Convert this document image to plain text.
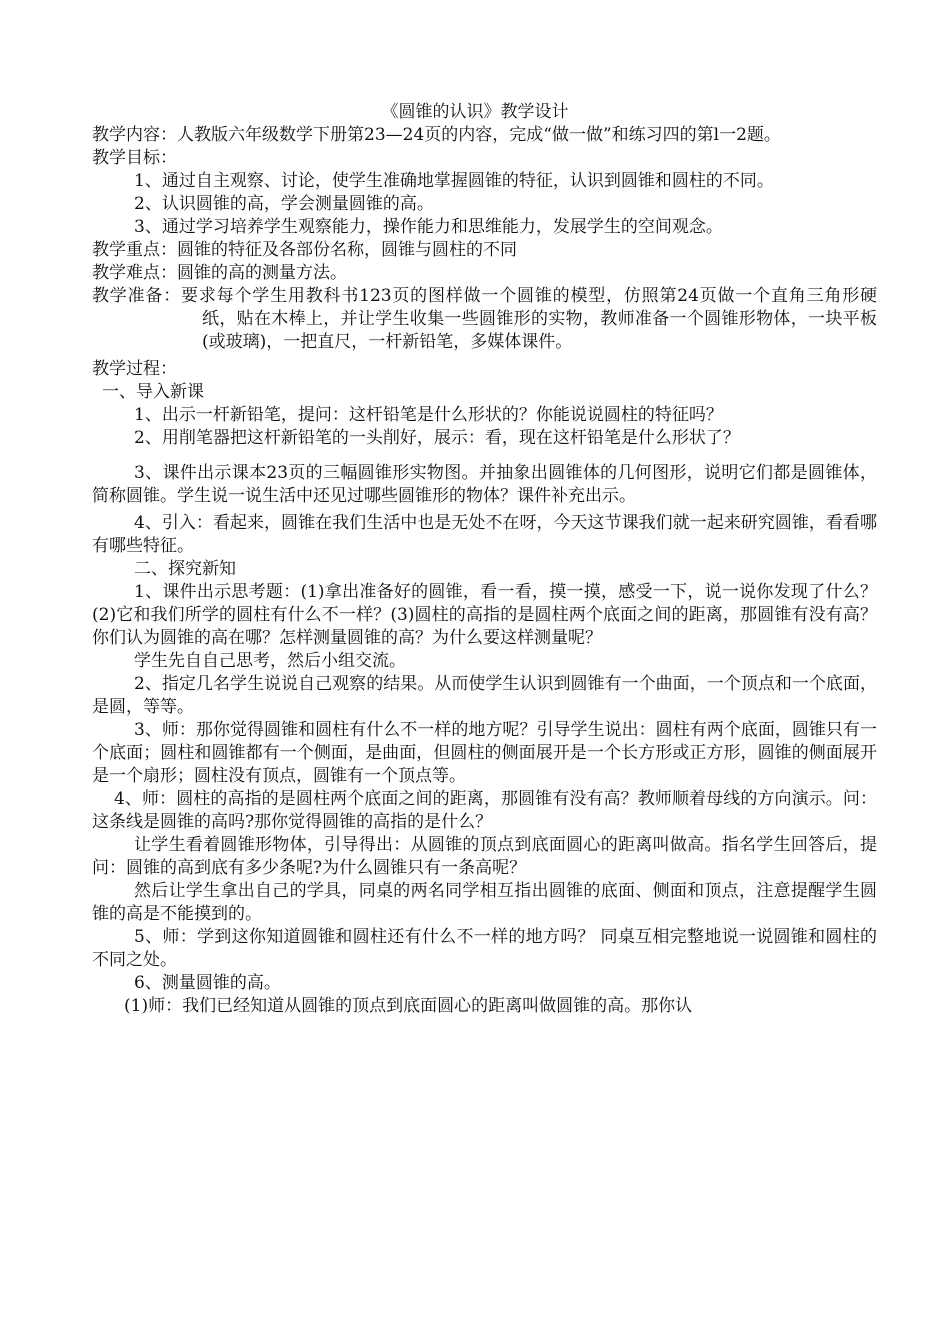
《圆锥的认识》教学设计

教学内容：人教版六年级数学下册第23—24页的内容，完成“做一做”和练习四的第l一2题。

教学目标：

1、通过自主观察、讨论，使学生准确地掌握圆锥的特征，认识到圆锥和圆柱的不同。

2、认识圆锥的高，学会测量圆锥的高。

3、通过学习培养学生观察能力，操作能力和思维能力，发展学生的空间观念。

教学重点：圆锥的特征及各部份名称，圆锥与圆柱的不同

教学难点：圆锥的高的测量方法。

教学准备：要求每个学生用教科书123页的图样做一个圆锥的模型，仿照第24页做一个直角三角形硬纸，贴在木棒上，并让学生收集一些圆锥形的实物，教师准备一个圆锥形物体，一块平板(或玻璃)，一把直尺，一杆新铅笔，多媒体课件。

教学过程：

一、导入新课

1、出示一杆新铅笔，提问：这杆铅笔是什么形状的？你能说说圆柱的特征吗？

2、用削笔器把这杆新铅笔的一头削好，展示：看，现在这杆铅笔是什么形状了？

3、课件出示课本23页的三幅圆锥形实物图。并抽象出圆锥体的几何图形，说明它们都是圆锥体，简称圆锥。学生说一说生活中还见过哪些圆锥形的物体？课件补充出示。

4、引入：看起来，圆锥在我们生活中也是无处不在呀，今天这节课我们就一起来研究圆锥，看看哪有哪些特征。

二、探究新知

1、课件出示思考题：(1)拿出准备好的圆锥，看一看，摸一摸，感受一下，说一说你发现了什么？(2)它和我们所学的圆柱有什么不一样？(3)圆柱的高指的是圆柱两个底面之间的距离，那圆锥有没有高？你们认为圆锥的高在哪？怎样测量圆锥的高？为什么要这样测量呢？

学生先自自己思考，然后小组交流。

2、指定几名学生说说自己观察的结果。从而使学生认识到圆锥有一个曲面，一个顶点和一个底面，是圆，等等。

3、师：那你觉得圆锥和圆柱有什么不一样的地方呢？引导学生说出：圆柱有两个底面，圆锥只有一个底面；圆柱和圆锥都有一个侧面，是曲面，但圆柱的侧面展开是一个长方形或正方形，圆锥的侧面展开是一个扇形；圆柱没有顶点，圆锥有一个顶点等。

4、师：圆柱的高指的是圆柱两个底面之间的距离，那圆锥有没有高？教师顺着母线的方向演示。问：这条线是圆锥的高吗?那你觉得圆锥的高指的是什么？

让学生看着圆锥形物体，引导得出：从圆锥的顶点到底面圆心的距离叫做高。指名学生回答后，提问：圆锥的高到底有多少条呢?为什么圆锥只有一条高呢？

然后让学生拿出自己的学具，同桌的两名同学相互指出圆锥的底面、侧面和顶点，注意提醒学生圆锥的高是不能摸到的。

5、师：学到这你知道圆锥和圆柱还有什么不一样的地方吗？ 同桌互相完整地说一说圆锥和圆柱的不同之处。

6、测量圆锥的高。

(1)师：我们已经知道从圆锥的顶点到底面圆心的距离叫做圆锥的高。那你认
